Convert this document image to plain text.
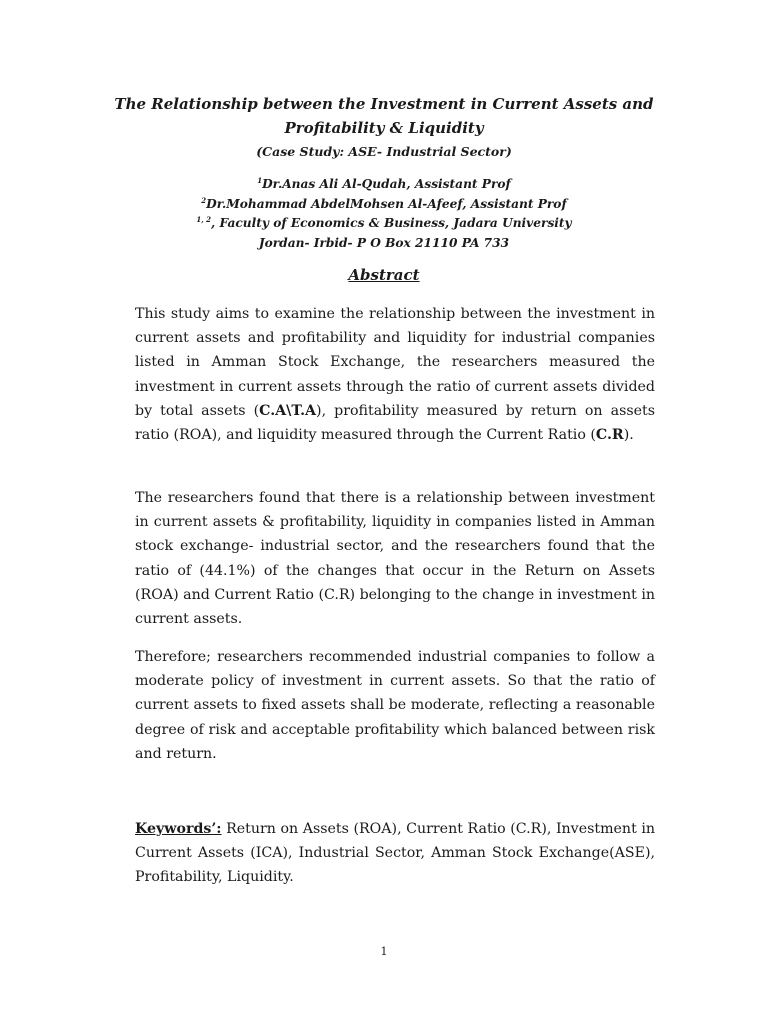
The Relationship between the Investment in Current Assets and
Profitability & Liquidity
(Case Study: ASE- Industrial Sector)
$^1$Dr.Anas Ali Al-Qudah, Assistant Prof
$^2$Dr.Mohammad AbdelMohsen Al-Afeef, Assistant Prof
$^{1, 2}$, Faculty of Economics & Business, Jadara University
Jordan- Irbid- P O Box 21110 PA 733
Abstract

This study aims to examine the relationship between the investment in current assets and profitability and liquidity for industrial companies listed in Amman Stock Exchange, the researchers measured the investment in current assets through the ratio of current assets divided by total assets (C.A\T.A), profitability measured by return on assets ratio (ROA), and liquidity measured through the Current Ratio (C.R).

The researchers found that there is a relationship between investment in current assets & profitability, liquidity in companies listed in Amman stock exchange- industrial sector, and the researchers found that the ratio of (44.1%) of the changes that occur in the Return on Assets (ROA) and Current Ratio (C.R) belonging to the change in investment in current assets.

Therefore; researchers recommended industrial companies to follow a moderate policy of investment in current assets. So that the ratio of current assets to fixed assets shall be moderate, reflecting a reasonable degree of risk and acceptable profitability which balanced between risk and return.

Keywords’: Return on Assets (ROA), Current Ratio (C.R), Investment in Current Assets (ICA), Industrial Sector, Amman Stock Exchange(ASE), Profitability, Liquidity.

1
